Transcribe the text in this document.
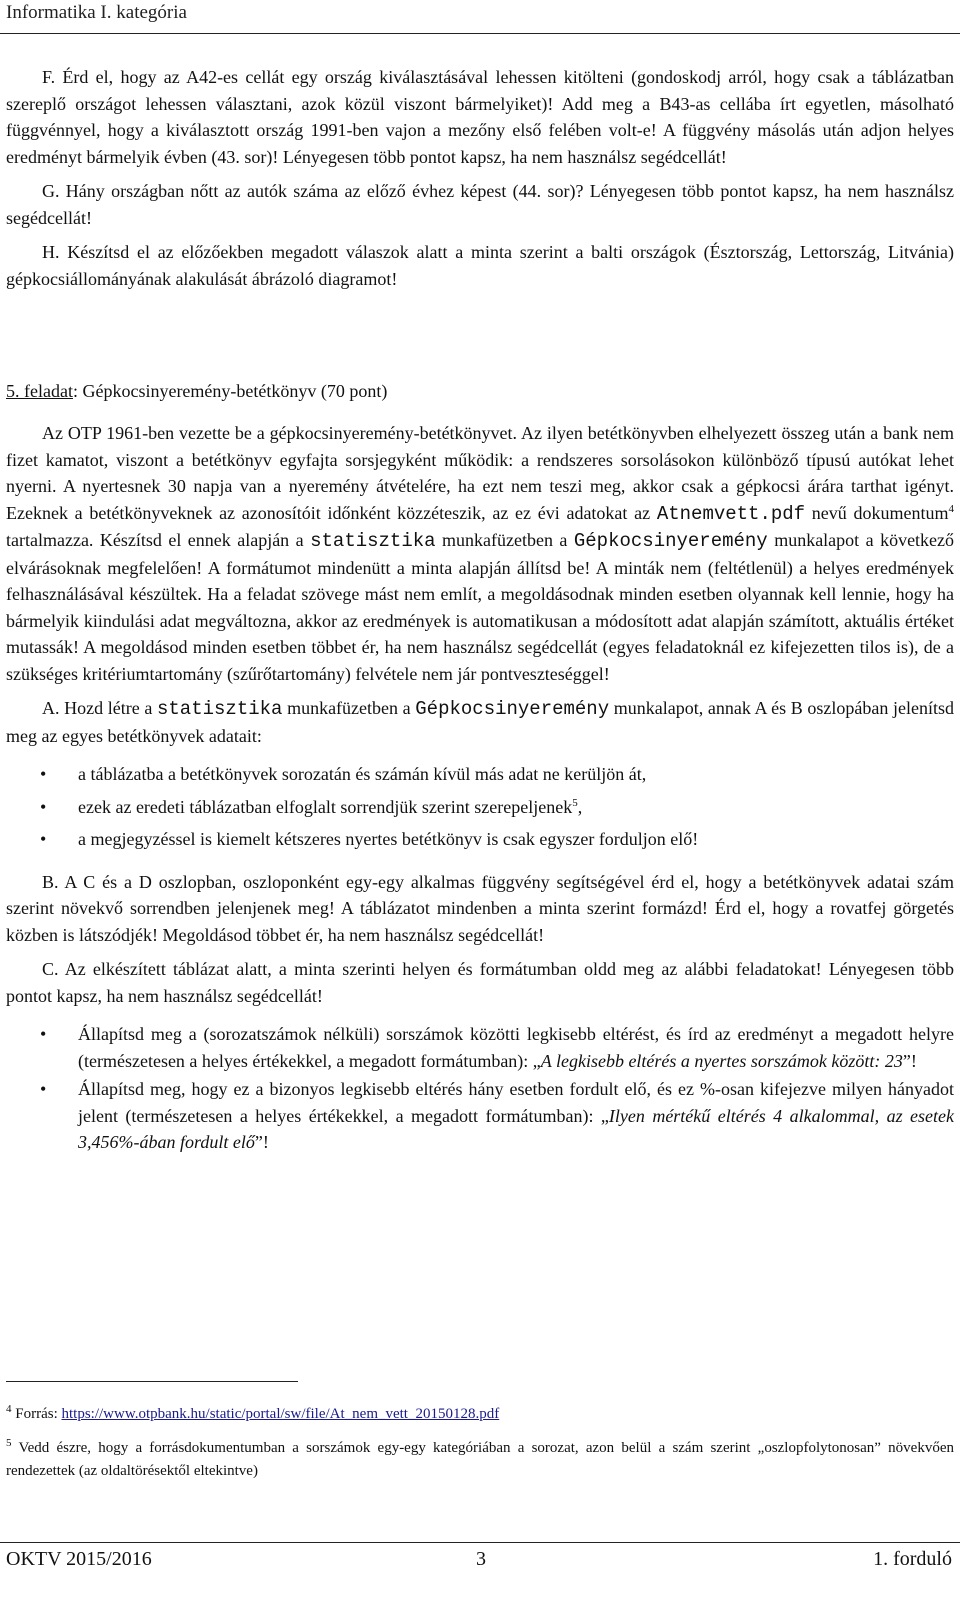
Informatika I. kategória

F. Érd el, hogy az A42-es cellát egy ország kiválasztásával lehessen kitölteni (gondoskodj arról, hogy csak a táblázatban szereplő országot lehessen választani, azok közül viszont bármelyiket)! Add meg a B43-as cellába írt egyetlen, másolható függvénnyel, hogy a kiválasztott ország 1991-ben vajon a mezőny első felében volt-e! A függvény másolás után adjon helyes eredményt bármelyik évben (43. sor)! Lényegesen több pontot kapsz, ha nem használsz segédcellát!

G. Hány országban nőtt az autók száma az előző évhez képest (44. sor)? Lényegesen több pontot kapsz, ha nem használsz segédcellát!

H. Készítsd el az előzőekben megadott válaszok alatt a minta szerint a balti országok (Észtország, Lettország, Litvánia) gépkocsiállományának alakulását ábrázoló diagramot!

5. feladat: Gépkocsinyeremény-betétkönyv (70 pont)

Az OTP 1961-ben vezette be a gépkocsinyeremény-betétkönyvet. Az ilyen betétkönyvben elhelyezett összeg után a bank nem fizet kamatot, viszont a betétkönyv egyfajta sorsjegyként működik: a rendszeres sorsolásokon különböző típusú autókat lehet nyerni. A nyertesnek 30 napja van a nyeremény átvételére, ha ezt nem teszi meg, akkor csak a gépkocsi árára tarthat igényt. Ezeknek a betétkönyveknek az azonosítóit időnként közzéteszik, az ez évi adatokat az Atnemvett.pdf nevű dokumentum$^4$ tartalmazza. Készítsd el ennek alapján a statisztika munkafüzetben a Gépkocsinyeremény munkalapot a következő elvárásoknak megfelelően! A formátumot mindenütt a minta alapján állítsd be! A minták nem (feltétlenül) a helyes eredmények felhasználásával készültek. Ha a feladat szövege mást nem említ, a megoldásodnak minden esetben olyannak kell lennie, hogy ha bármelyik kiindulási adat megváltozna, akkor az eredmények is automatikusan a módosított adat alapján számított, aktuális értéket mutassák! A megoldásod minden esetben többet ér, ha nem használsz segédcellát (egyes feladatoknál ez kifejezetten tilos is), de a szükséges kritériumtartomány (szűrőtartomány) felvétele nem jár pontveszteséggel!

A. Hozd létre a statisztika munkafüzetben a Gépkocsinyeremény munkalapot, annak A és B oszlopában jelenítsd meg az egyes betétkönyvek adatait:

• a táblázatba a betétkönyvek sorozatán és számán kívül más adat ne kerüljön át,
• ezek az eredeti táblázatban elfoglalt sorrendjük szerint szerepeljenek$^5$,
• a megjegyzéssel is kiemelt kétszeres nyertes betétkönyv is csak egyszer forduljon elő!

B. A C és a D oszlopban, oszloponként egy-egy alkalmas függvény segítségével érd el, hogy a betétkönyvek adatai szám szerint növekvő sorrendben jelenjenek meg! A táblázatot mindenben a minta szerint formázd! Érd el, hogy a rovatfej görgetés közben is látszódjék! Megoldásod többet ér, ha nem használsz segédcellát!

C. Az elkészített táblázat alatt, a minta szerinti helyen és formátumban oldd meg az alábbi feladatokat! Lényegesen több pontot kapsz, ha nem használsz segédcellát!

• Állapítsd meg a (sorozatszámok nélküli) sorszámok közötti legkisebb eltérést, és írd az eredményt a megadott helyre (természetesen a helyes értékekkel, a megadott formátumban): „A legkisebb eltérés a nyertes sorszámok között: 23”!
• Állapítsd meg, hogy ez a bizonyos legkisebb eltérés hány esetben fordult elő, és ez %-osan kifejezve milyen hányadot jelent (természetesen a helyes értékekkel, a megadott formátumban): „Ilyen mértékű eltérés 4 alkalommal, az esetek 3,456%-ában fordult elő”!
$^4$ Forrás: https://www.otpbank.hu/static/portal/sw/file/At_nem_vett_20150128.pdf
$^5$ Vedd észre, hogy a forrásdokumentumban a sorszámok egy-egy kategóriában a sorozat, azon belül a szám szerint „oszlopfolytonosan” növekvően rendezettek (az oldaltörésektől eltekintve)
OKTV 2015/2016	3	1. forduló
